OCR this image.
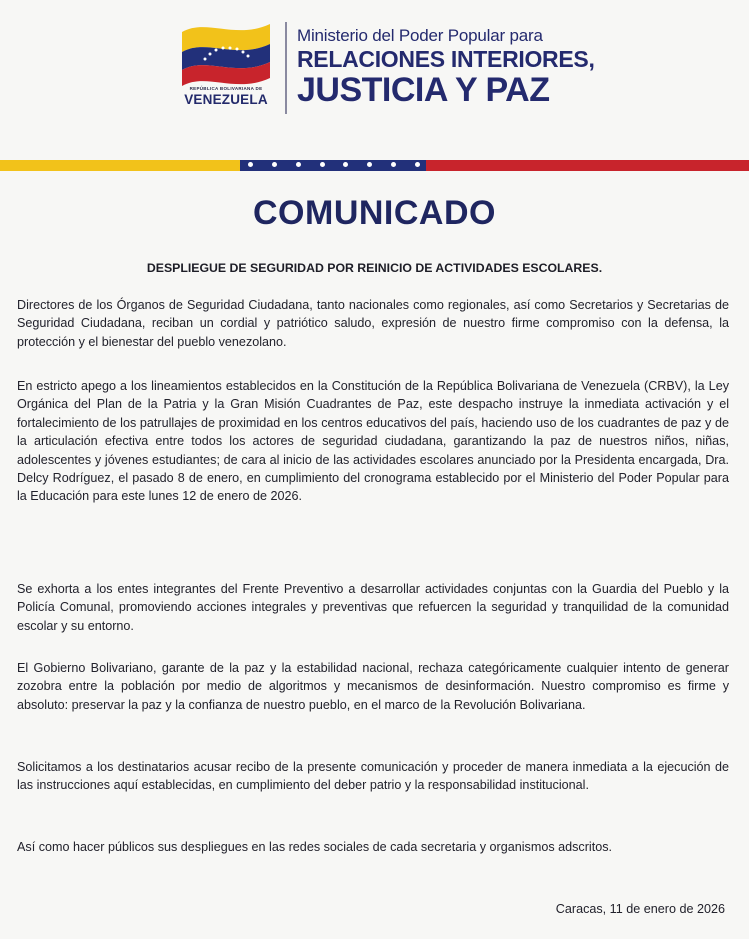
REPÚBLICA BOLIVARIANA DE
VENEZUELA
Ministerio del Poder Popular para
RELACIONES INTERIORES,
JUSTICIA Y PAZ
COMUNICADO
DESPLIEGUE DE SEGURIDAD POR REINICIO DE ACTIVIDADES ESCOLARES.

Directores de los Órganos de Seguridad Ciudadana, tanto nacionales como regionales, así como Secretarios y Secretarias de Seguridad Ciudadana, reciban un cordial y patriótico saludo, expresión de nuestro firme compromiso con la defensa, la protección y el bienestar del pueblo venezolano.

En estricto apego a los lineamientos establecidos en la Constitución de la República Bolivariana de Venezuela (CRBV), la Ley Orgánica del Plan de la Patria y la Gran Misión Cuadrantes de Paz, este despacho instruye la inmediata activación y el fortalecimiento de los patrullajes de proximidad en los centros educativos del país, haciendo uso de los cuadrantes de paz y de la articulación efectiva entre todos los actores de seguridad ciudadana, garantizando la paz de nuestros niños, niñas, adolescentes y jóvenes estudiantes; de cara al inicio de las actividades escolares anunciado por la Presidenta encargada, Dra. Delcy Rodríguez, el pasado 8 de enero, en cumplimiento del cronograma establecido por el Ministerio del Poder Popular para la Educación para este lunes 12 de enero de 2026.

Se exhorta a los entes integrantes del Frente Preventivo a desarrollar actividades conjuntas con la Guardia del Pueblo y la Policía Comunal, promoviendo acciones integrales y preventivas que refuercen la seguridad y tranquilidad de la comunidad escolar y su entorno.

El Gobierno Bolivariano, garante de la paz y la estabilidad nacional, rechaza categóricamente cualquier intento de generar zozobra entre la población por medio de algoritmos y mecanismos de desinformación. Nuestro compromiso es firme y absoluto: preservar la paz y la confianza de nuestro pueblo, en el marco de la Revolución Bolivariana.

Solicitamos a los destinatarios acusar recibo de la presente comunicación y proceder de manera inmediata a la ejecución de las instrucciones aquí establecidas, en cumplimiento del deber patrio y la responsabilidad institucional.

Así como hacer públicos sus despliegues en las redes sociales de cada secretaria y organismos adscritos.

Caracas, 11 de enero de 2026
